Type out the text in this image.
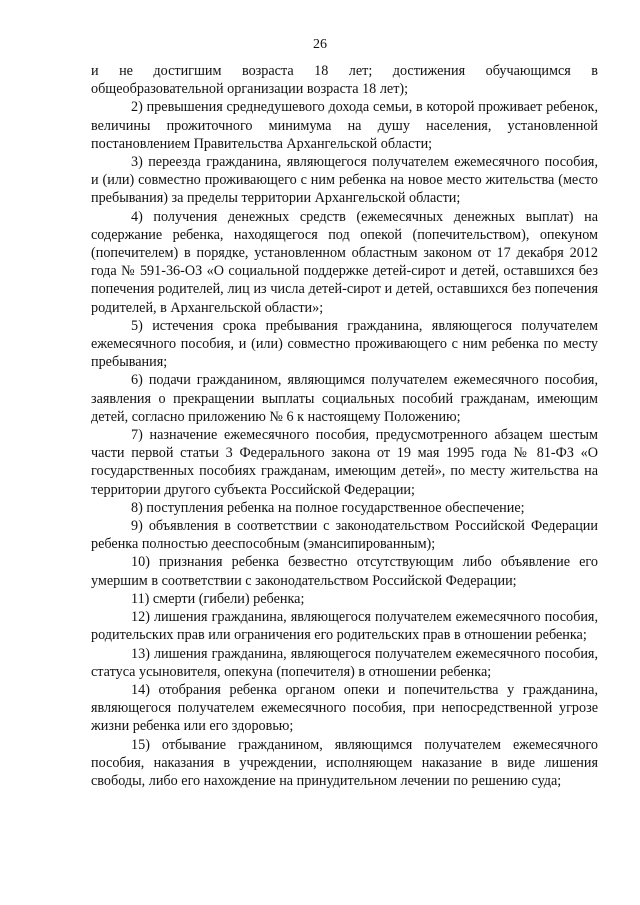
26

и не достигшим возраста 18 лет; достижения обучающимся в общеобразовательной организации возраста 18 лет);

2) превышения среднедушевого дохода семьи, в которой проживает ребенок, величины прожиточного минимума на душу населения, установленной постановлением Правительства Архангельской области;

3) переезда гражданина, являющегося получателем ежемесячного пособия, и (или) совместно проживающего с ним ребенка на новое место жительства (место пребывания) за пределы территории Архангельской области;

4) получения денежных средств (ежемесячных денежных выплат) на содержание ребенка, находящегося под опекой (попечительством), опекуном (попечителем) в порядке, установленном областным законом от 17 декабря 2012 года № 591-36-ОЗ «О социальной поддержке детей-сирот и детей, оставшихся без попечения родителей, лиц из числа детей-сирот и детей, оставшихся без попечения родителей, в Архангельской области»;

5) истечения срока пребывания гражданина, являющегося получателем ежемесячного пособия, и (или) совместно проживающего с ним ребенка по месту пребывания;

6) подачи гражданином, являющимся получателем ежемесячного пособия, заявления о прекращении выплаты социальных пособий гражданам, имеющим детей, согласно приложению № 6 к настоящему Положению;

7) назначение ежемесячного пособия, предусмотренного абзацем шестым части первой статьи 3 Федерального закона от 19 мая 1995 года № 81-ФЗ «О государственных пособиях гражданам, имеющим детей», по месту жительства на территории другого субъекта Российской Федерации;

8) поступления ребенка на полное государственное обеспечение;

9) объявления в соответствии с законодательством Российской Федерации ребенка полностью дееспособным (эмансипированным);

10) признания ребенка безвестно отсутствующим либо объявление его умершим в соответствии с законодательством Российской Федерации;

11) смерти (гибели) ребенка;

12) лишения гражданина, являющегося получателем ежемесячного пособия, родительских прав или ограничения его родительских прав в отношении ребенка;

13) лишения гражданина, являющегося получателем ежемесячного пособия, статуса усыновителя, опекуна (попечителя) в отношении ребенка;

14) отобрания ребенка органом опеки и попечительства у гражданина, являющегося получателем ежемесячного пособия, при непосредственной угрозе жизни ребенка или его здоровью;

15) отбывание гражданином, являющимся получателем ежемесячного пособия, наказания в учреждении, исполняющем наказание в виде лишения свободы, либо его нахождение на принудительном лечении по решению суда;
